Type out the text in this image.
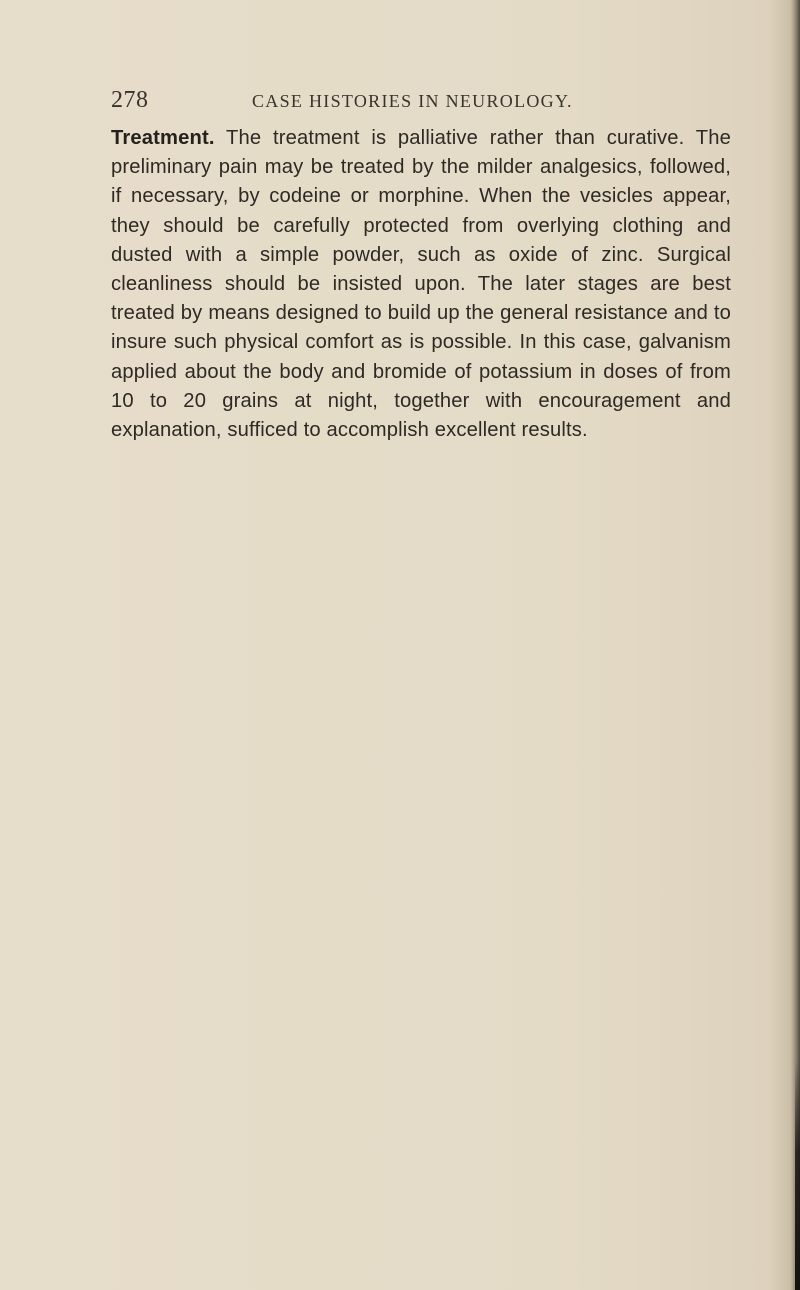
278	CASE HISTORIES IN NEUROLOGY.

Treatment. The treatment is palliative rather than curative. The preliminary pain may be treated by the milder analgesics, followed, if necessary, by codeine or morphine. When the vesicles appear, they should be carefully protected from overlying clothing and dusted with a simple powder, such as oxide of zinc. Surgical cleanliness should be insisted upon. The later stages are best treated by means designed to build up the general resistance and to insure such physical comfort as is possible. In this case, galvanism applied about the body and bromide of potassium in doses of from 10 to 20 grains at night, together with encouragement and explanation, sufficed to accomplish excellent results.
